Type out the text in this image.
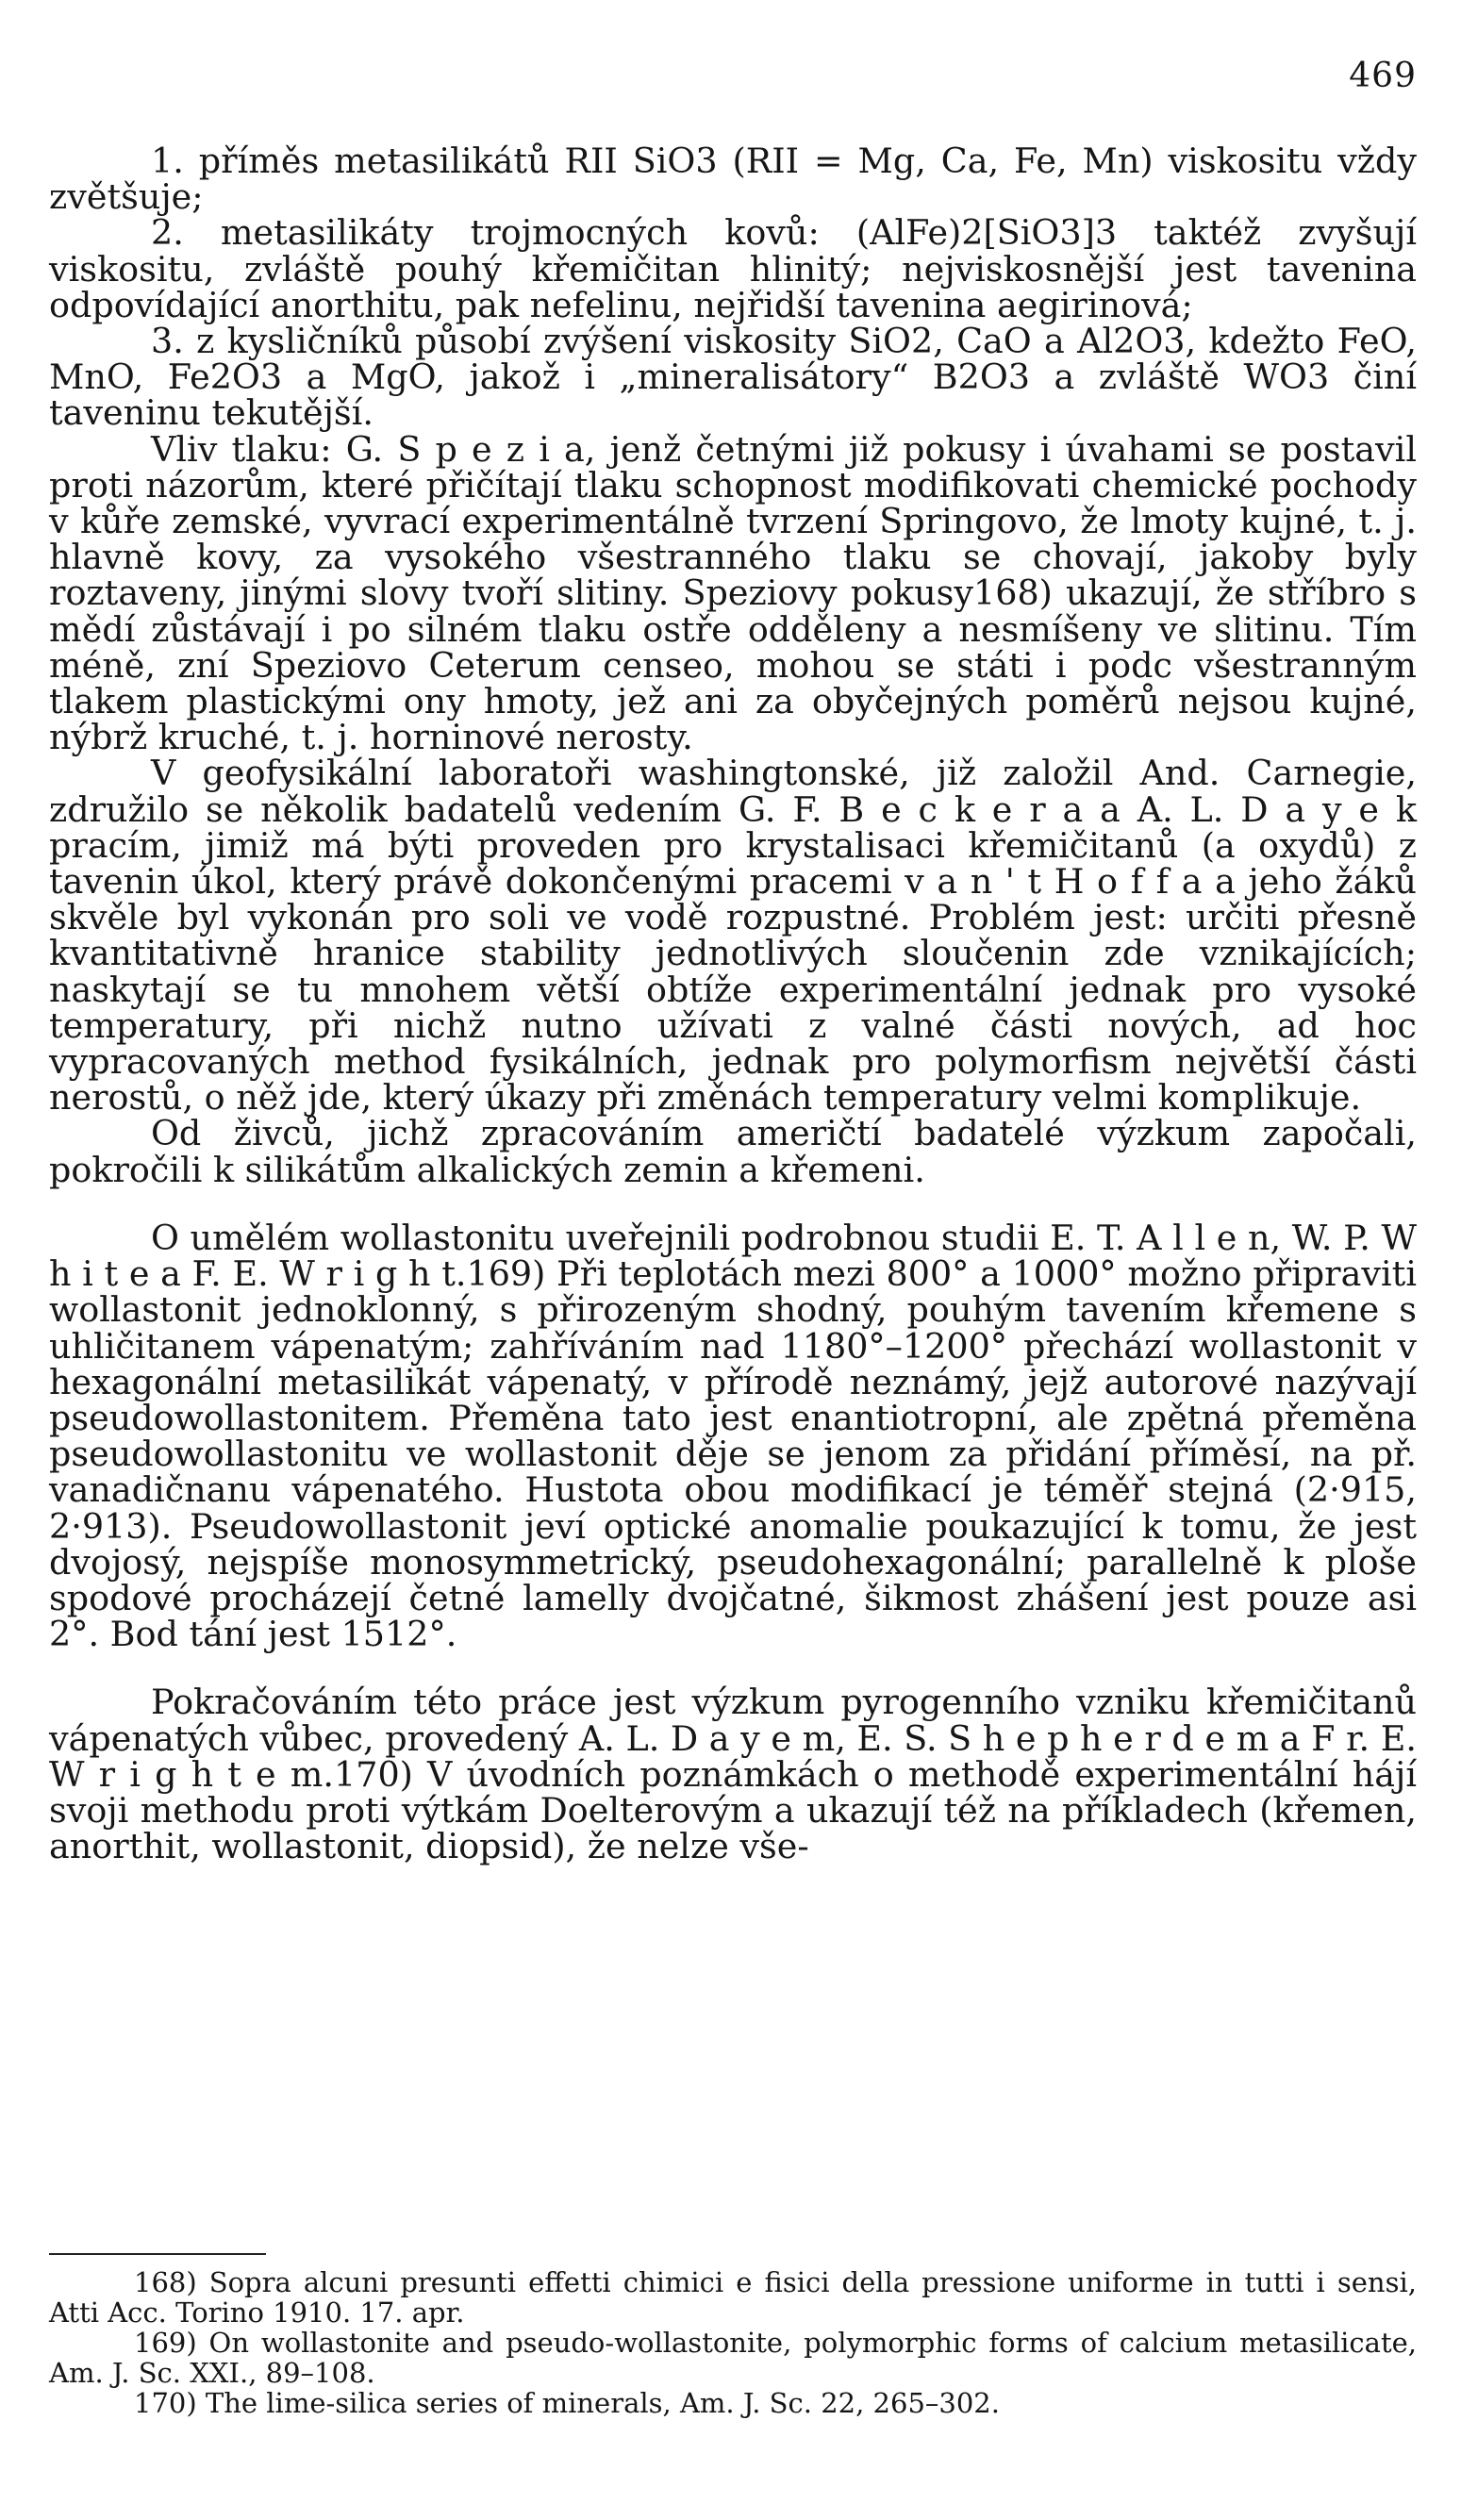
469

1. příměs metasilikátů RII SiO3 (RII = Mg, Ca, Fe, Mn) viskositu vždy zvětšuje;

2. metasilikáty trojmocných kovů: (AlFe)2[SiO3]3 taktéž zvyšují viskositu, zvláště pouhý křemičitan hlinitý; nejviskosnější jest tavenina odpovídající anorthitu, pak nefelinu, nejřidší tavenina aegirinová;

3. z kysličníků působí zvýšení viskosity SiO2, CaO a Al2O3, kdežto FeO, MnO, Fe2O3 a MgO, jakož i „mineralisátory“ B2O3 a zvláště WO3 činí taveninu tekutější.

Vliv tlaku: G. S p e z i a, jenž četnými již pokusy i úvahami se postavil proti názorům, které přičítají tlaku schopnost modifikovati chemické pochody v kůře zemské, vyvrací experimentálně tvrzení Springovo, že lmoty kujné, t. j. hlavně kovy, za vysokého všestranného tlaku se chovají, jakoby byly roztaveny, jinými slovy tvoří slitiny. Speziovy pokusy168) ukazují, že stříbro s mědí zůstávají i po silném tlaku ostře odděleny a nesmíšeny ve slitinu. Tím méně, zní Speziovo Ceterum censeo, mohou se státi i podc všestranným tlakem plastickými ony hmoty, jež ani za obyčejných poměrů nejsou kujné, nýbrž kruché, t. j. horninové nerosty.

V geofysikální laboratoři washingtonské, již založil And. Carnegie, združilo se několik badatelů vedením G. F. B e c k e r a a A. L. D a y e k pracím, jimiž má býti proveden pro krystalisaci křemičitanů (a oxydů) z tavenin úkol, který právě dokončenými pracemi v a n ' t H o f f a a jeho žáků skvěle byl vykonán pro soli ve vodě rozpustné. Problém jest: určiti přesně kvantitativně hranice stability jednotlivých sloučenin zde vznikajících; naskytají se tu mnohem větší obtíže experimentální jednak pro vysoké temperatury, při nichž nutno užívati z valné části nových, ad hoc vypracovaných method fysikálních, jednak pro polymorfism největší části nerostů, o něž jde, který úkazy při změnách temperatury velmi komplikuje.

Od živců, jichž zpracováním američtí badatelé výzkum započali, pokročili k silikátům alkalických zemin a křemeni.

O umělém wollastonitu uveřejnili podrobnou studii E. T. A l l e n, W. P. W h i t e a F. E. W r i g h t.169) Při teplotách mezi 800° a 1000° možno připraviti wollastonit jednoklonný, s přirozeným shodný, pouhým tavením křemene s uhličitanem vápenatým; zahříváním nad 1180°–1200° přechází wollastonit v hexagonální metasilikát vápenatý, v přírodě neznámý, jejž autorové nazývají pseudowollastonitem. Přeměna tato jest enantiotropní, ale zpětná přeměna pseudowollastonitu ve wollastonit děje se jenom za přidání příměsí, na př. vanadičnanu vápenatého. Hustota obou modifikací je téměř stejná (2·915, 2·913). Pseudowollastonit jeví optické anomalie poukazující k tomu, že jest dvojosý, nejspíše monosymmetrický, pseudohexagonální; parallelně k ploše spodové procházejí četné lamelly dvojčatné, šikmost zhášení jest pouze asi 2°. Bod tání jest 1512°.

Pokračováním této práce jest výzkum pyrogenního vzniku křemičitanů vápenatých vůbec, provedený A. L. D a y e m, E. S. S h e p h e r d e m a F r. E. W r i g h t e m.170) V úvodních poznámkách o methodě experimentální hájí svoji methodu proti výtkám Doelterovým a ukazují též na příkladech (křemen, anorthit, wollastonit, diopsid), že nelze vše-

168) Sopra alcuni presunti effetti chimici e fisici della pressione uniforme in tutti i sensi, Atti Acc. Torino 1910. 17. apr.

169) On wollastonite and pseudo-wollastonite, polymorphic forms of calcium metasilicate, Am. J. Sc. XXI., 89–108.

170) The lime-silica series of minerals, Am. J. Sc. 22, 265–302.
